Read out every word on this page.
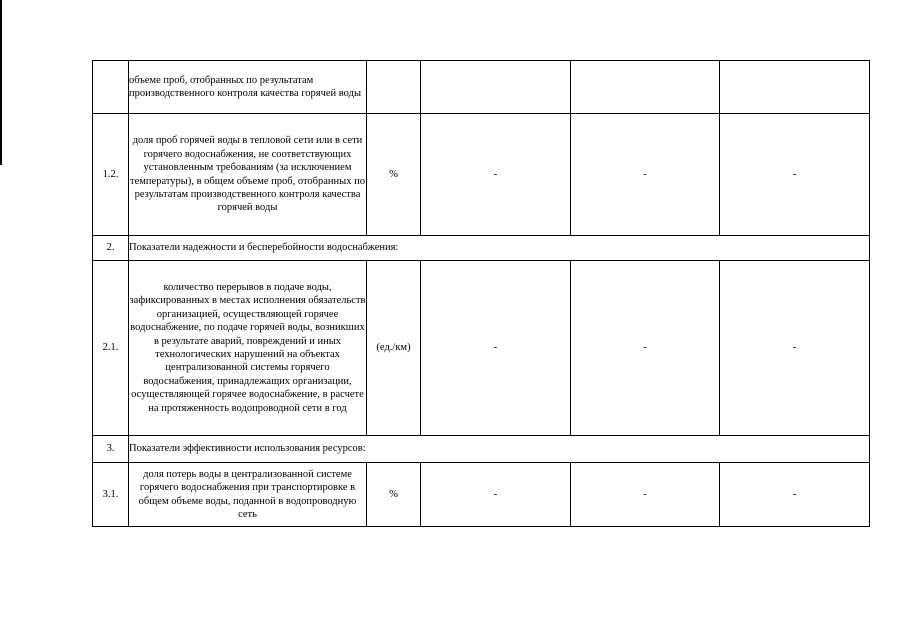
	объеме проб, отобранных по результатам производственного контроля качества горячей воды				
1.2.	доля проб горячей воды в тепловой сети или в сети горячего водоснабжения, не соответствующих установленным требованиям (за исключением температуры), в общем объеме проб, отобранных по результатам производственного контроля качества горячей воды	%	-	-	-
2.	Показатели надежности и бесперебойности водоснабжения:				
2.1.	количество перерывов в подаче воды, зафиксированных в местах исполнения обязательств организацией, осуществляющей горячее водоснабжение, по подаче горячей воды, возникших в результате аварий, повреждений и иных технологических нарушений на объектах централизованной системы горячего водоснабжения, принадлежащих организации, осуществляющей горячее водоснабжение, в расчете на протяженность водопроводной сети в год	(ед./км)	-	-	-
3.	Показатели эффективности использования ресурсов:				
3.1.	доля потерь воды в централизованной системе горячего водоснабжения при транспортировке в общем объеме воды, поданной в водопроводную сеть	%	-	-	-
